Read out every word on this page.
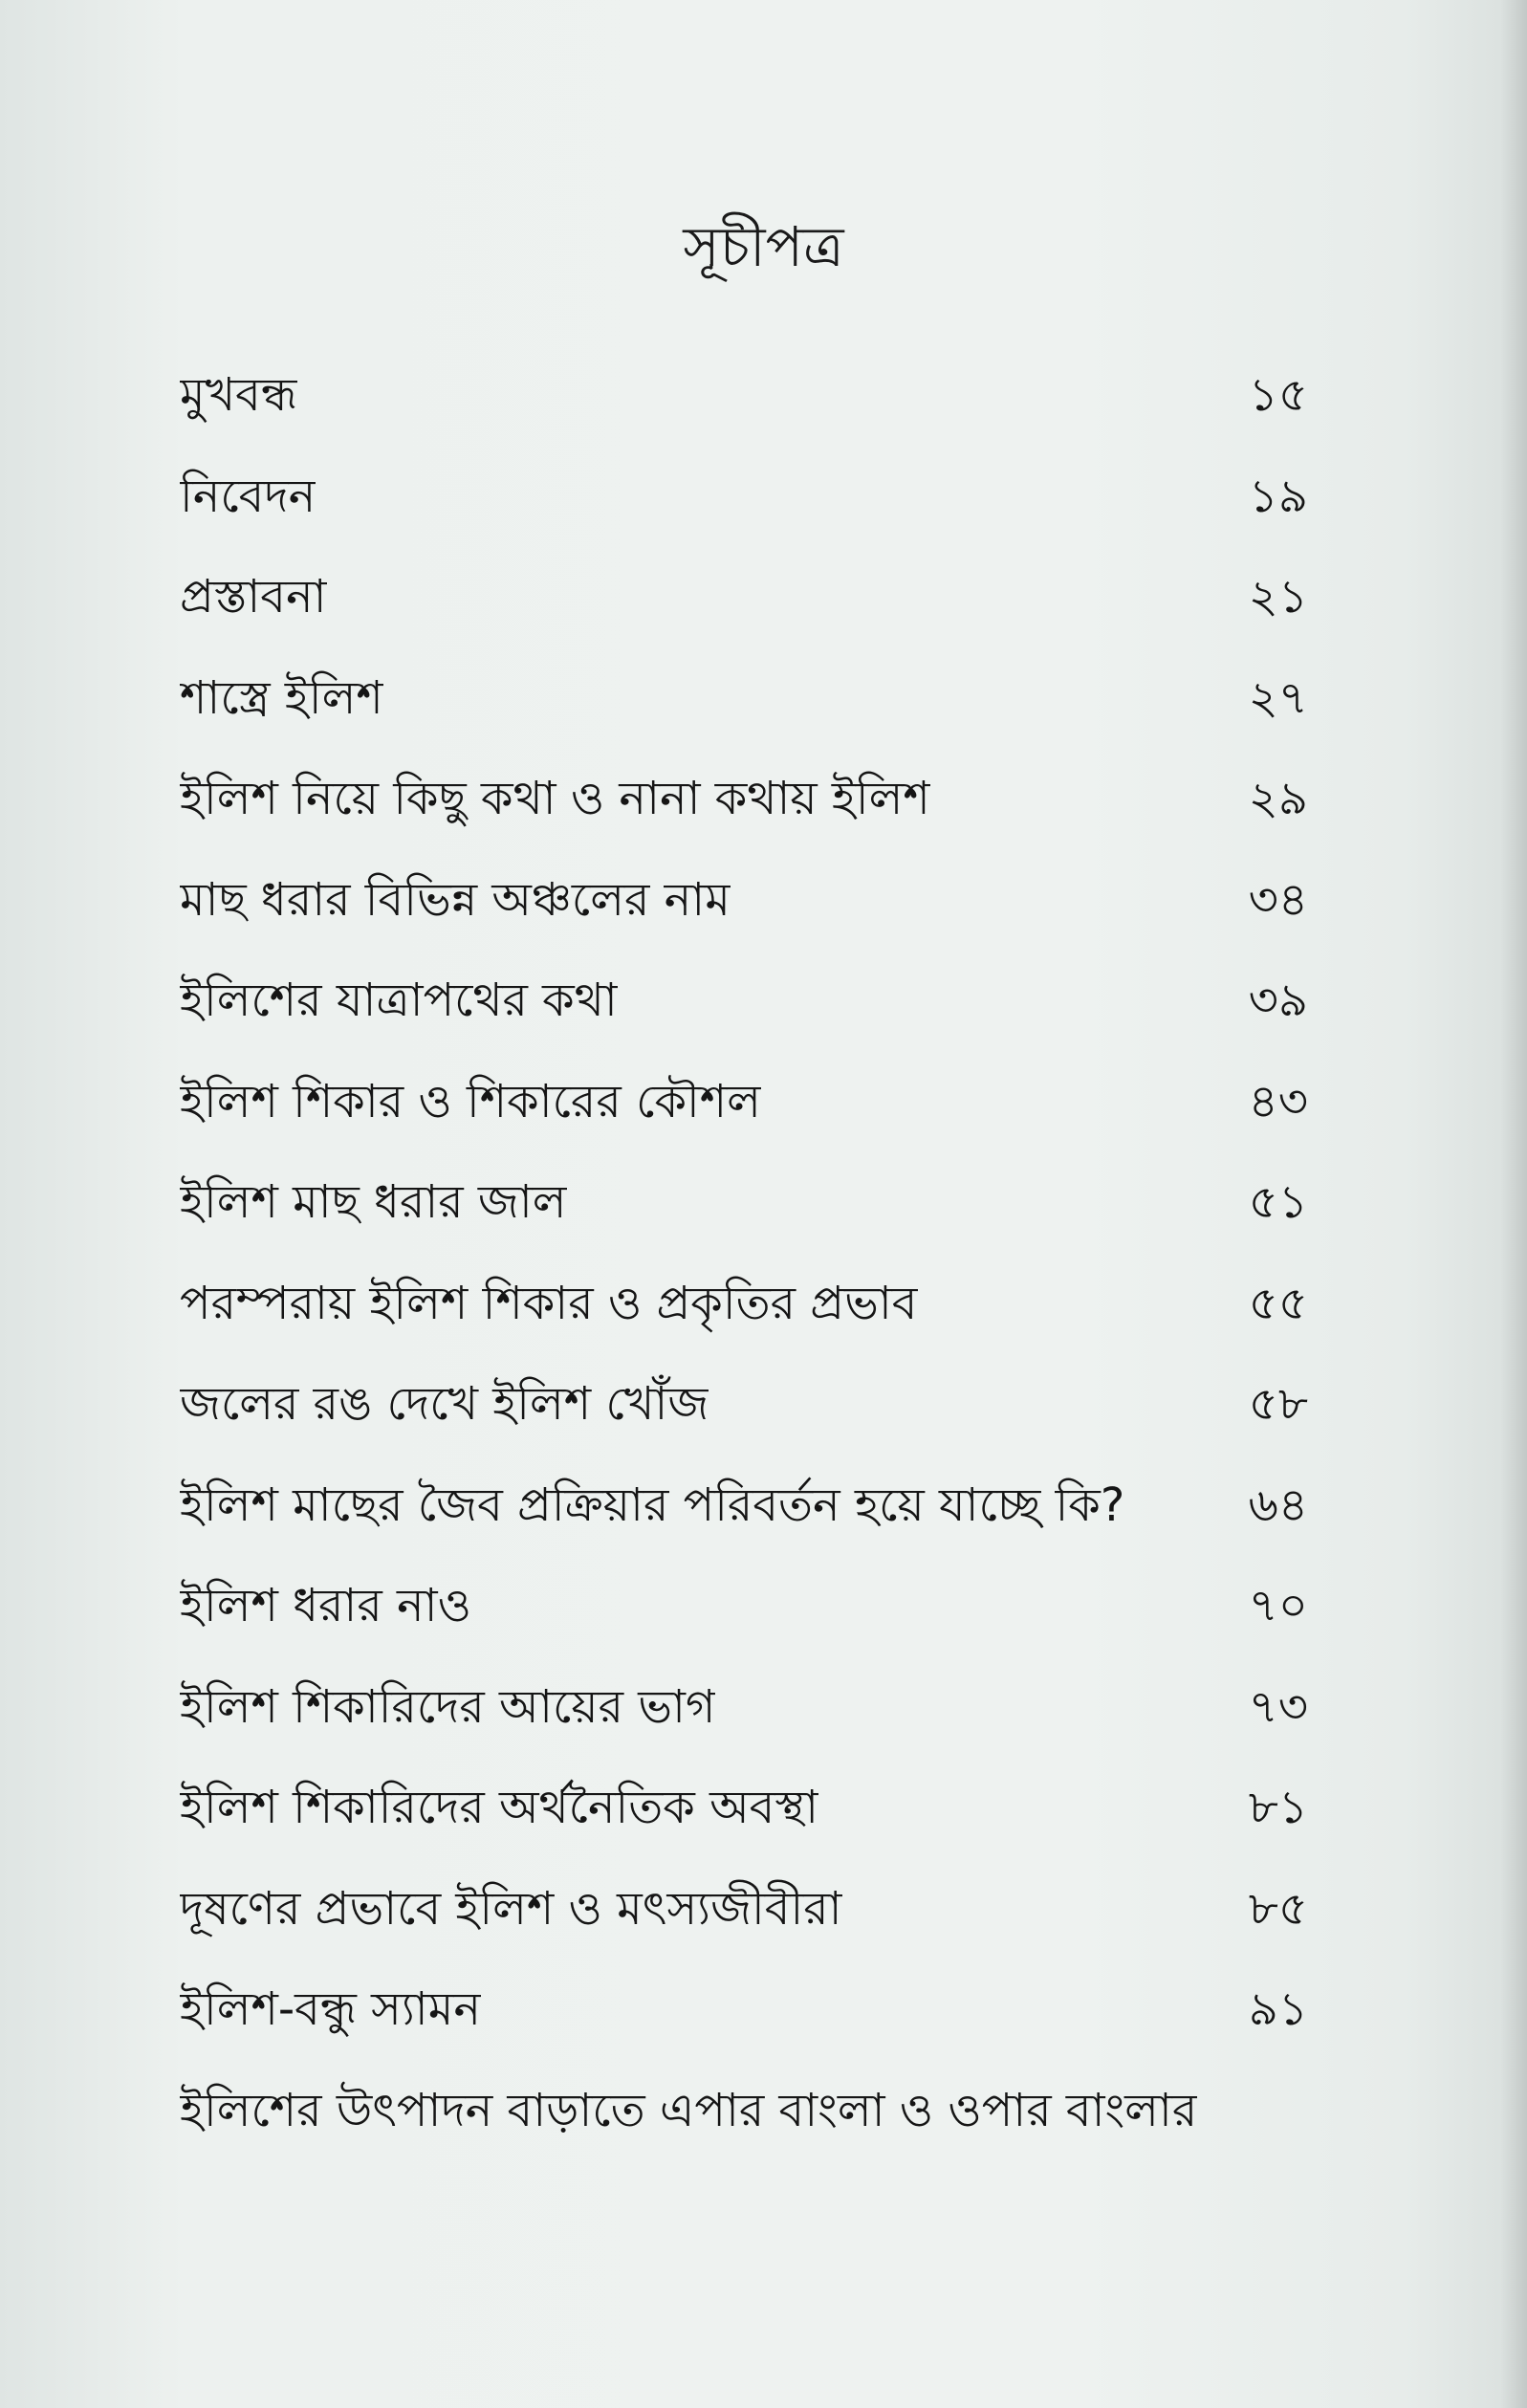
সূচীপত্র
মুখবন্ধ	১৫
নিবেদন	১৯
প্রস্তাবনা	২১
শাস্ত্রে ইলিশ	২৭
ইলিশ নিয়ে কিছু কথা ও নানা কথায় ইলিশ	২৯
মাছ ধরার বিভিন্ন অঞ্চলের নাম	৩৪
ইলিশের যাত্রাপথের কথা	৩৯
ইলিশ শিকার ও শিকারের কৌশল	৪৩
ইলিশ মাছ ধরার জাল	৫১
পরম্পরায় ইলিশ শিকার ও প্রকৃতির প্রভাব	৫৫
জলের রঙ দেখে ইলিশ খোঁজ	৫৮
ইলিশ মাছের জৈব প্রক্রিয়ার পরিবর্তন হয়ে যাচ্ছে কি?	৬৪
ইলিশ ধরার নাও	৭০
ইলিশ শিকারিদের আয়ের ভাগ	৭৩
ইলিশ শিকারিদের অর্থনৈতিক অবস্থা	৮১
দূষণের প্রভাবে ইলিশ ও মৎস্যজীবীরা	৮৫
ইলিশ-বন্ধু স্যামন	৯১
ইলিশের উৎপাদন বাড়াতে এপার বাংলা ও ওপার বাংলার
